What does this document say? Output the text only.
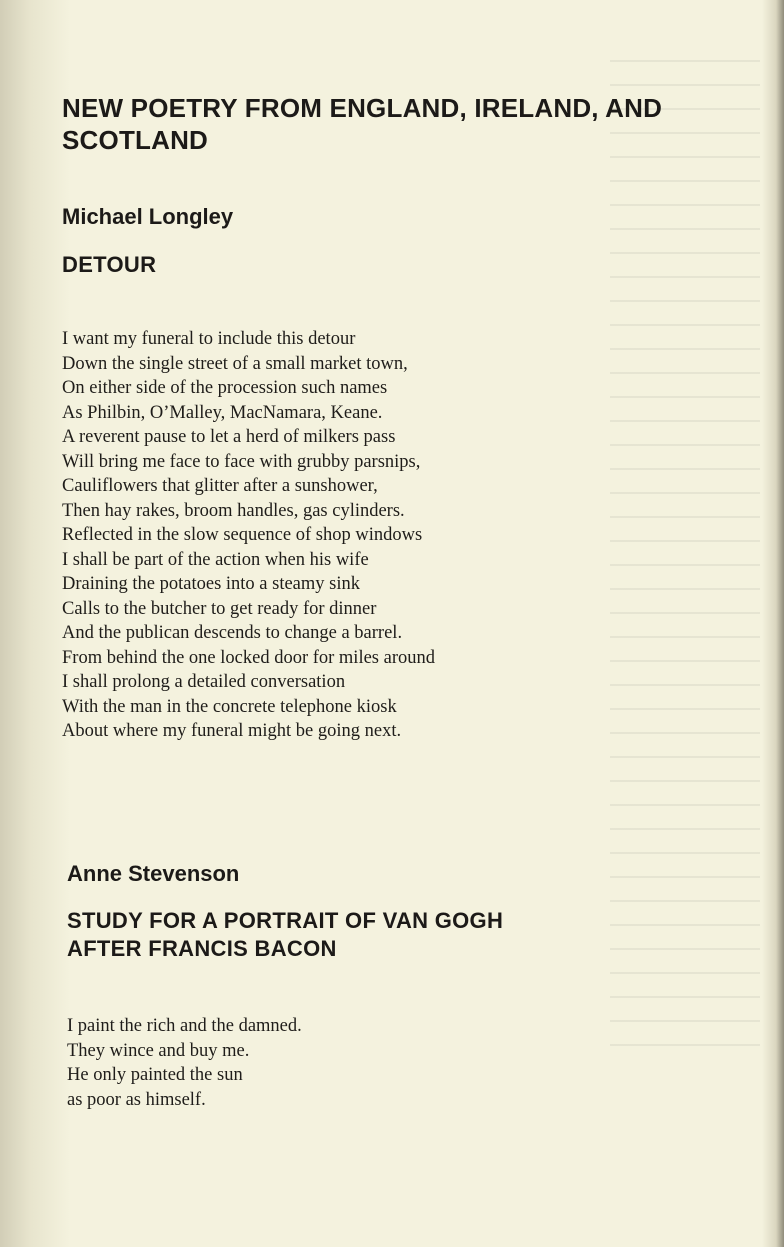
NEW POETRY FROM ENGLAND, IRELAND, AND SCOTLAND
Michael Longley
DETOUR
I want my funeral to include this detour
Down the single street of a small market town,
On either side of the procession such names
As Philbin, O’Malley, MacNamara, Keane.
A reverent pause to let a herd of milkers pass
Will bring me face to face with grubby parsnips,
Cauliflowers that glitter after a sunshower,
Then hay rakes, broom handles, gas cylinders.
Reflected in the slow sequence of shop windows
I shall be part of the action when his wife
Draining the potatoes into a steamy sink
Calls to the butcher to get ready for dinner
And the publican descends to change a barrel.
From behind the one locked door for miles around
I shall prolong a detailed conversation
With the man in the concrete telephone kiosk
About where my funeral might be going next.
Anne Stevenson
STUDY FOR A PORTRAIT OF VAN GOGH
AFTER FRANCIS BACON
I paint the rich and the damned.
They wince and buy me.
He only painted the sun
as poor as himself.
